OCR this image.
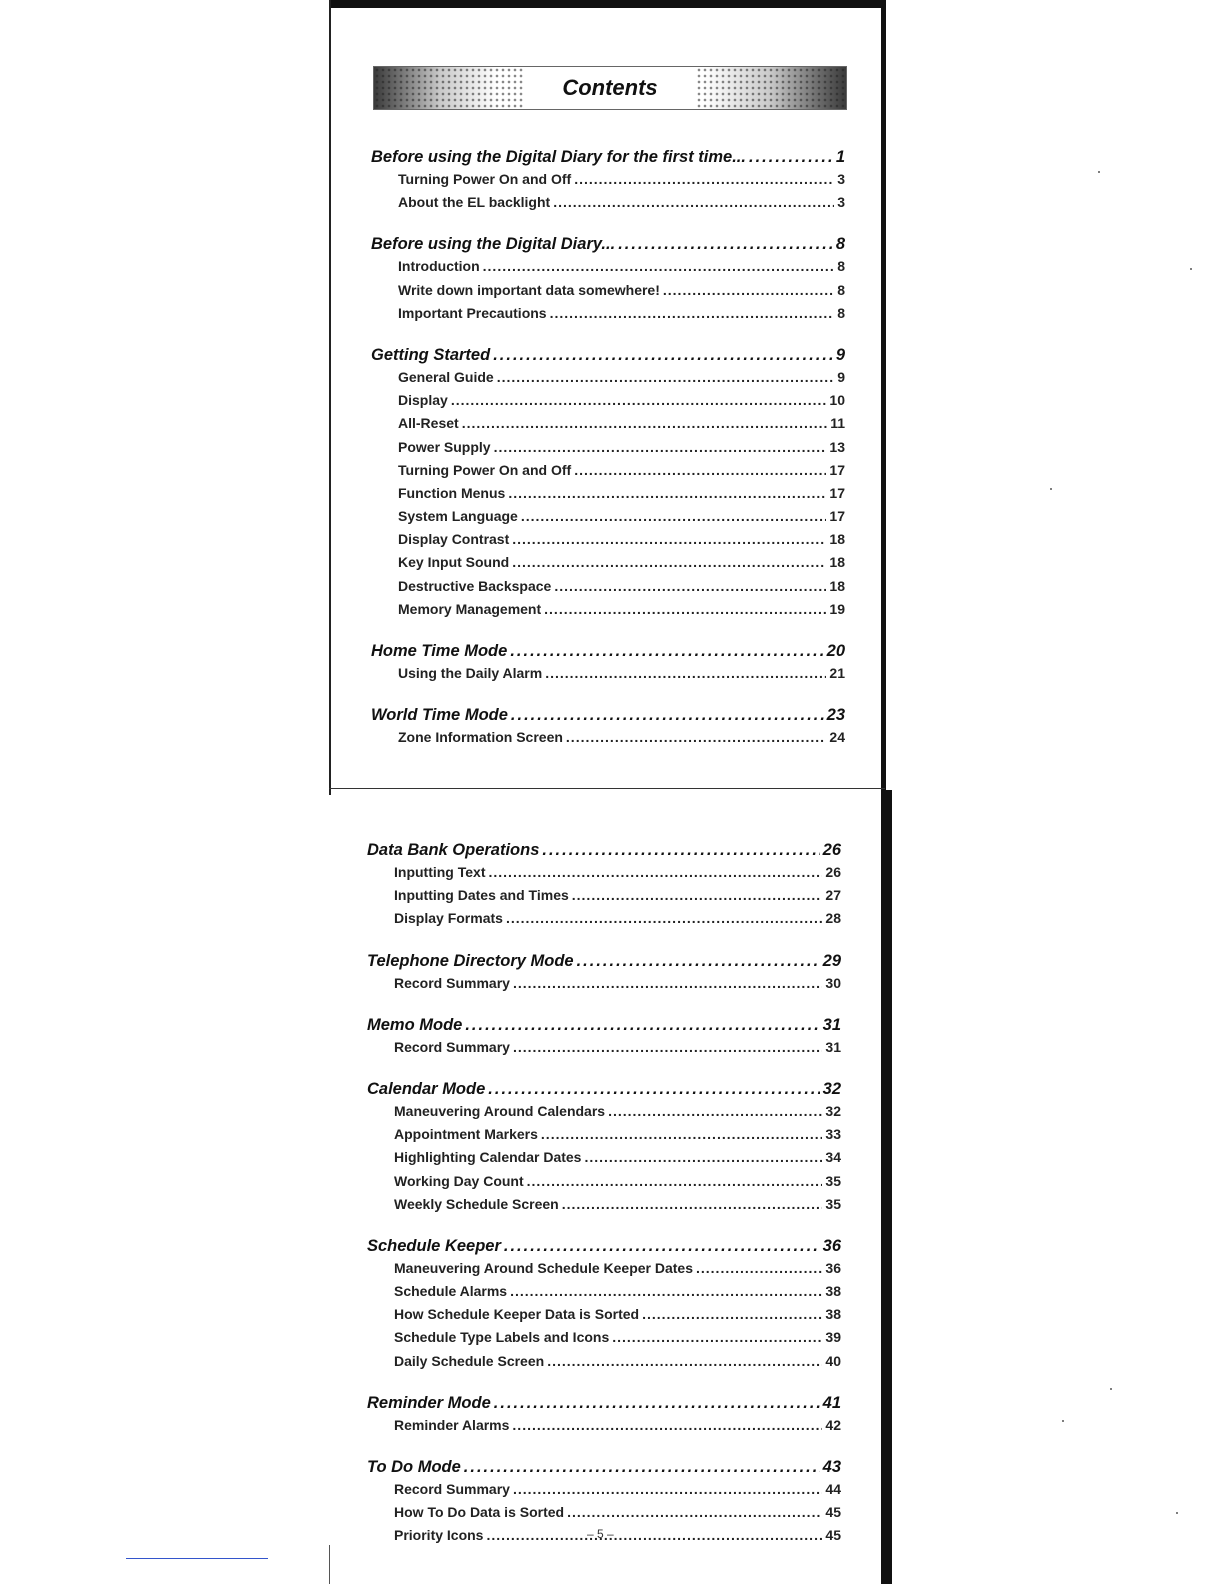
Contents
Before using the Digital Diary for the first time... .....	1
Turning Power On and Off .....	3
About the EL backlight .....	3
Before using the Digital Diary... .....	8
Introduction .....	8
Write down important data somewhere! .....	8
Important Precautions .....	8
Getting Started .....	9
General Guide .....	9
Display .....	10
All-Reset .....	11
Power Supply .....	13
Turning Power On and Off .....	17
Function Menus .....	17
System Language .....	17
Display Contrast .....	18
Key Input Sound .....	18
Destructive Backspace .....	18
Memory Management .....	19
Home Time Mode .....	20
Using the Daily Alarm .....	21
World Time Mode .....	23
Zone Information Screen .....	24
Data Bank Operations .....	26
Inputting Text .....	26
Inputting Dates and Times .....	27
Display Formats .....	28
Telephone Directory Mode .....	29
Record Summary .....	30
Memo Mode .....	31
Record Summary .....	31
Calendar Mode .....	32
Maneuvering Around Calendars .....	32
Appointment Markers .....	33
Highlighting Calendar Dates .....	34
Working Day Count .....	35
Weekly Schedule Screen .....	35
Schedule Keeper .....	36
Maneuvering Around Schedule Keeper Dates .....	36
Schedule Alarms .....	38
How Schedule Keeper Data is Sorted .....	38
Schedule Type Labels and Icons .....	39
Daily Schedule Screen .....	40
Reminder Mode .....	41
Reminder Alarms .....	42
To Do Mode .....	43
Record Summary .....	44
How To Do Data is Sorted .....	45
Priority Icons .....	45
– 5 –
